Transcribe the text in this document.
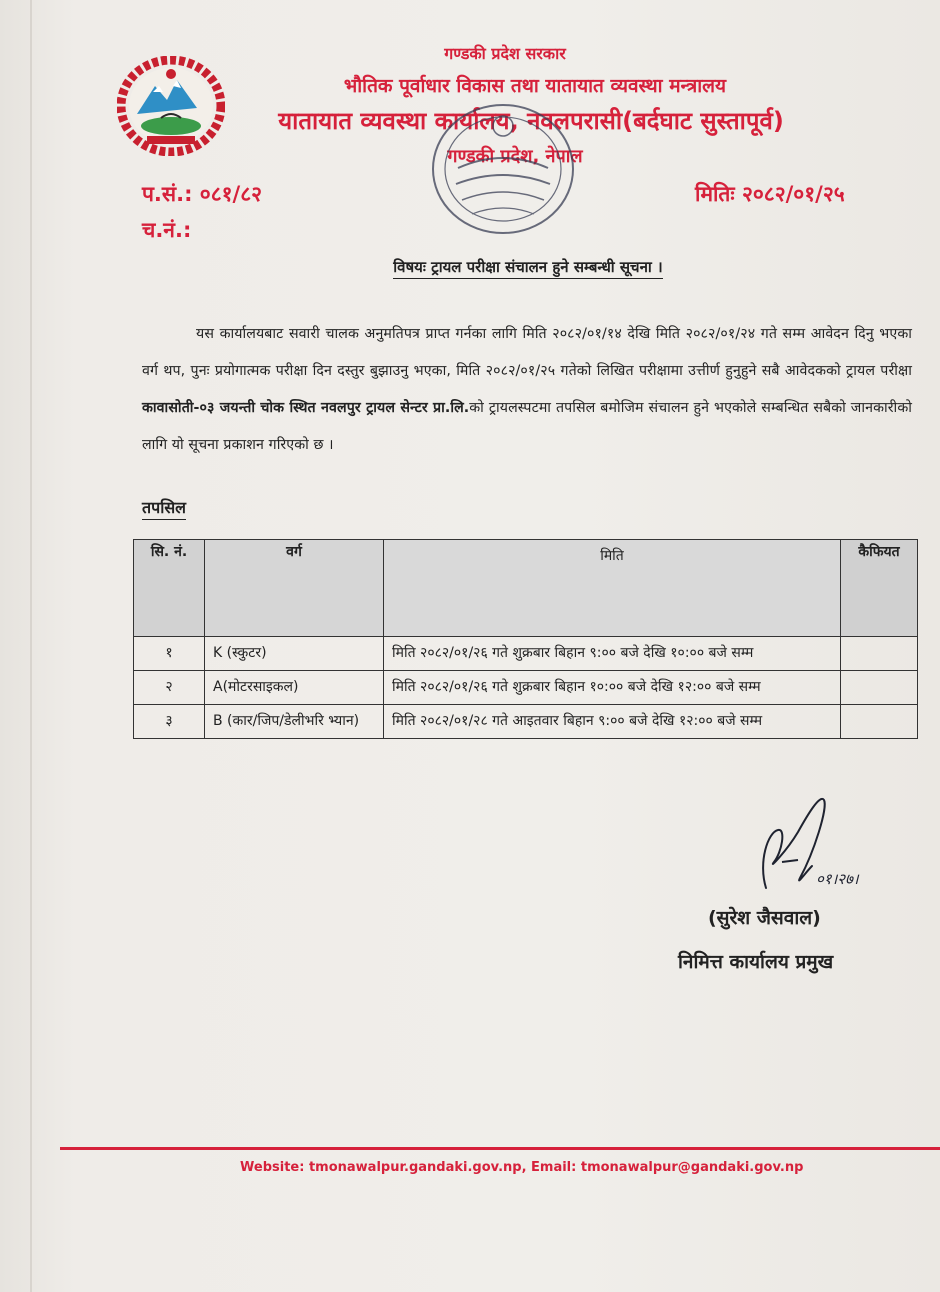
गण्डकी प्रदेश सरकार
भौतिक पूर्वाधार विकास तथा यातायात व्यवस्था मन्त्रालय
यातायात व्यवस्था कार्यालय, नवलपरासी(बर्दघाट सुस्तापूर्व)
गण्डकी प्रदेश, नेपाल
प.सं.: ०८१/८२
च.नं.:
मितिः २०८२/०१/२५
विषयः ट्रायल परीक्षा संचालन हुने सम्बन्धी सूचना ।
यस कार्यालयबाट सवारी चालक अनुमतिपत्र प्राप्त गर्नका लागि मिति २०८२/०१/१४ देखि मिति २०८२/०१/२४ गते सम्म आवेदन दिनु भएका वर्ग थप, पुनः प्रयोगात्मक परीक्षा दिन दस्तुर बुझाउनु भएका, मिति २०८२/०१/२५ गतेको लिखित परीक्षामा उत्तीर्ण हुनुहुने सबै आवेदकको ट्रायल परीक्षा कावासोती-०३ जयन्ती चोक स्थित नवलपुर ट्रायल सेन्टर प्रा.लि.को ट्रायलस्पटमा तपसिल बमोजिम संचालन हुने भएकोले सम्बन्धित सबैको जानकारीको लागि यो सूचना प्रकाशन गरिएको छ ।
तपसिल
सि. नं.	वर्ग	मिति	कैफियत
१	K (स्कुटर)	मिति २०८२/०१/२६ गते शुक्रबार बिहान ९:०० बजे देखि १०:०० बजे सम्म	
२	A(मोटरसाइकल)	मिति २०८२/०१/२६ गते शुक्रबार बिहान १०:०० बजे देखि १२:०० बजे सम्म	
३	B (कार/जिप/डेलीभरि भ्यान)	मिति २०८२/०१/२८ गते आइतवार बिहान ९:०० बजे देखि १२:०० बजे सम्म	
०१।२७।
(सुरेश जैसवाल)
निमित्त कार्यालय प्रमुख
Website: tmonawalpur.gandaki.gov.np, Email: tmonawalpur@gandaki.gov.np
